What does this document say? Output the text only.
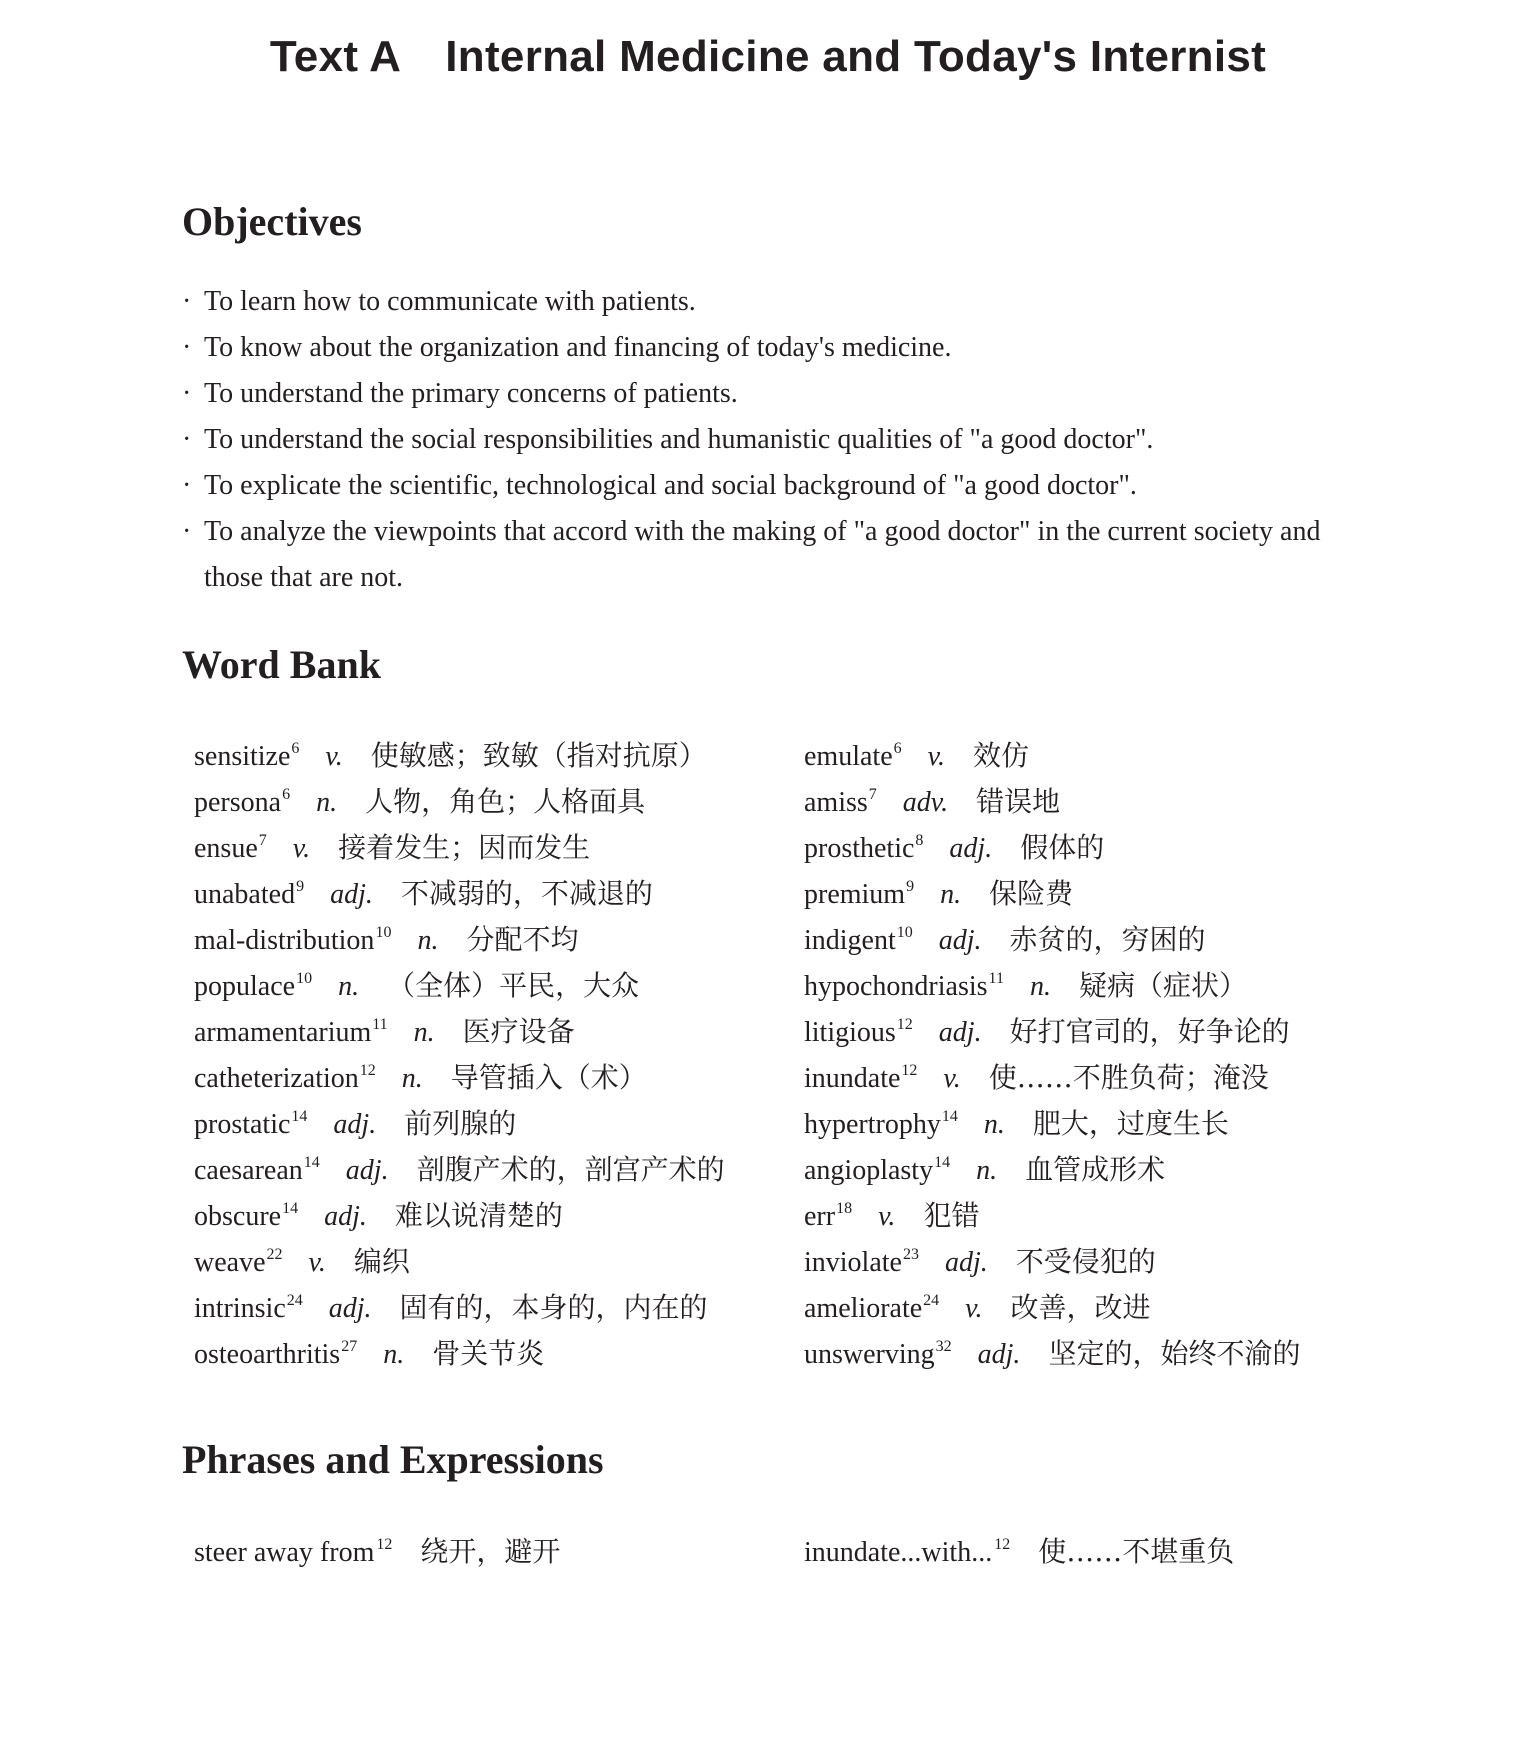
Text A Internal Medicine and Today's Internist
Objectives
· To learn how to communicate with patients.
· To know about the organization and financing of today's medicine.
· To understand the primary concerns of patients.
· To understand the social responsibilities and humanistic qualities of "a good doctor".
· To explicate the scientific, technological and social background of "a good doctor".
· To analyze the viewpoints that accord with the making of "a good doctor" in the current society and those that are not.
Word Bank
sensitize$^6$ v. 使敏感；致敏（指对抗原）
persona$^6$ n. 人物，角色；人格面具
ensue$^7$ v. 接着发生；因而发生
unabated$^9$ adj. 不减弱的，不减退的
mal-distribution$^{10}$ n. 分配不均
populace$^{10}$ n. （全体）平民，大众
armamentarium$^{11}$ n. 医疗设备
catheterization$^{12}$ n. 导管插入（术）
prostatic$^{14}$ adj. 前列腺的
caesarean$^{14}$ adj. 剖腹产术的，剖宫产术的
obscure$^{14}$ adj. 难以说清楚的
weave$^{22}$ v. 编织
intrinsic$^{24}$ adj. 固有的，本身的，内在的
osteoarthritis$^{27}$ n. 骨关节炎
emulate$^6$ v. 效仿
amiss$^7$ adv. 错误地
prosthetic$^8$ adj. 假体的
premium$^9$ n. 保险费
indigent$^{10}$ adj. 赤贫的，穷困的
hypochondriasis$^{11}$ n. 疑病（症状）
litigious$^{12}$ adj. 好打官司的，好争论的
inundate$^{12}$ v. 使……不胜负荷；淹没
hypertrophy$^{14}$ n. 肥大，过度生长
angioplasty$^{14}$ n. 血管成形术
err$^{18}$ v. 犯错
inviolate$^{23}$ adj. 不受侵犯的
ameliorate$^{24}$ v. 改善，改进
unswerving$^{32}$ adj. 坚定的，始终不渝的
Phrases and Expressions
steer away from $^{12}$ 绕开，避开	inundate...with... $^{12}$ 使……不堪重负
